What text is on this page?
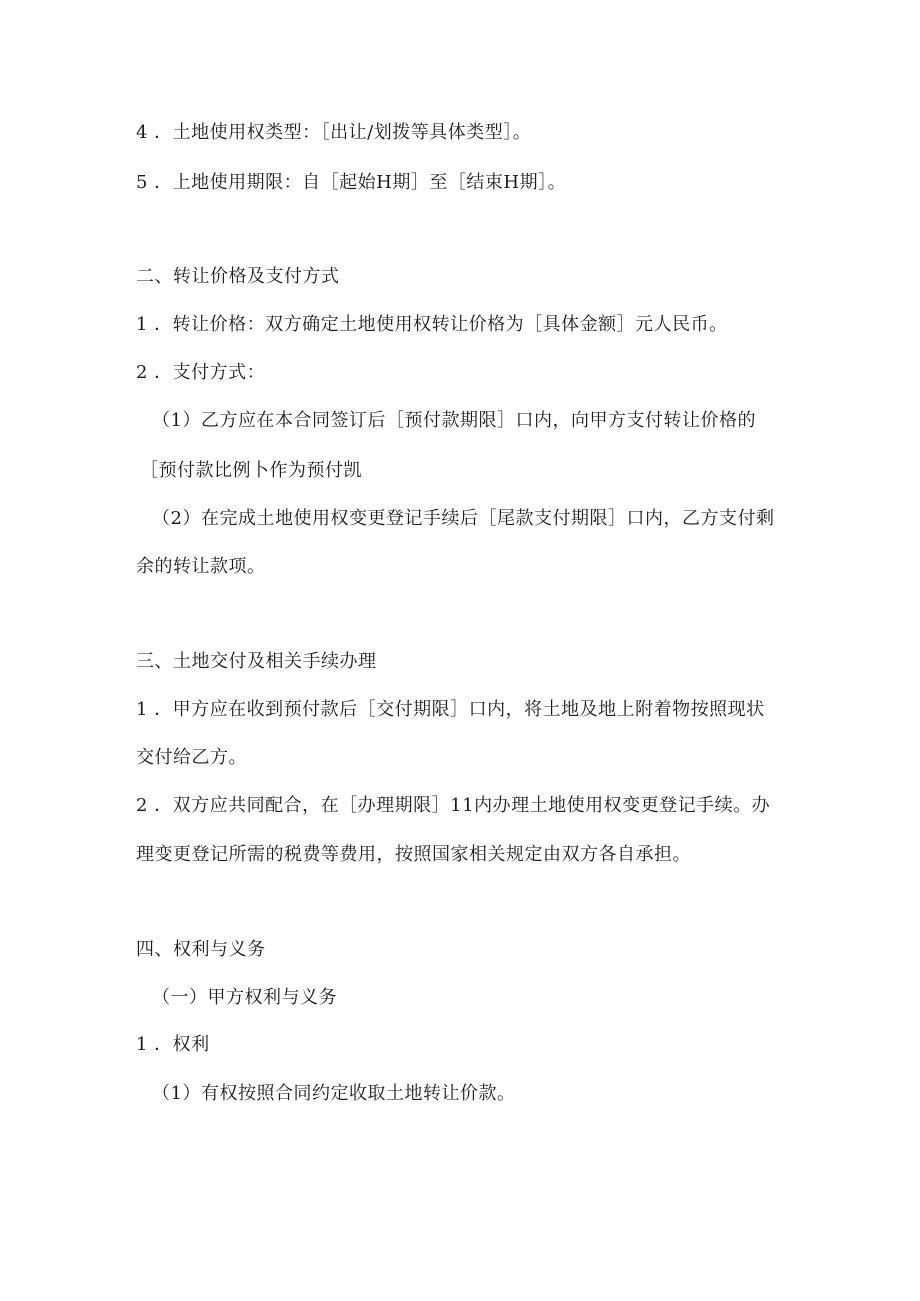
4 ．土地使用权类型：［出让/划拨等具体类型］。
5 ．上地使用期限：自［起始H期］至［结束H期］。
二、转让价格及支付方式
1 ．转让价格：双方确定土地使用权转让价格为［具体金额］元人民币。
2 ．支付方式：
（1）乙方应在本合同签订后［预付款期限］口内，向甲方支付转让价格的
［预付款比例卜作为预付凯
（2）在完成土地使用权变更登记手续后［尾款支付期限］口内，乙方支付剩
余的转让款项。
三、土地交付及相关手续办理
1 ．甲方应在收到预付款后［交付期限］口内，将土地及地上附着物按照现状
交付给乙方。
2 ．双方应共同配合，在［办理期限］11内办理土地使用权变更登记手续。办
理变更登记所需的税费等费用，按照国家相关规定由双方各自承担。
四、权利与义务
（一）甲方权利与义务
1 ．权利
（1）有权按照合同约定收取土地转让价款。
